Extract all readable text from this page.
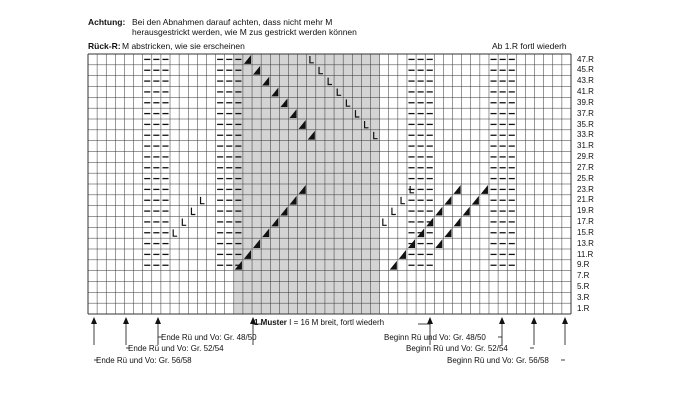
Achtung: Bei den Abnahmen darauf achten, dass nicht mehr M
herausgestrickt werden, wie M zus gestrickt werden können
Rück-R: M abstricken, wie sie erscheinen	Ab 1.R fortl wiederh
47.R
45.R
43.R
41.R
39.R
37.R
35.R
33.R
31.R
29.R
27.R
25.R
23.R
21.R
19.R
17.R
15.R
13.R
11.R
9.R
7.R
5.R
3.R
1.R
1 Muster I = 16 M breit, fortl wiederh
Ende Rü und Vo: Gr. 48/50
Ende Rü und Vo: Gr. 52/54
Ende Rü und Vo: Gr. 56/58
Beginn Rü und Vo: Gr. 48/50
Beginn Rü und Vo: Gr. 52/54
Beginn Rü und Vo: Gr. 56/58
